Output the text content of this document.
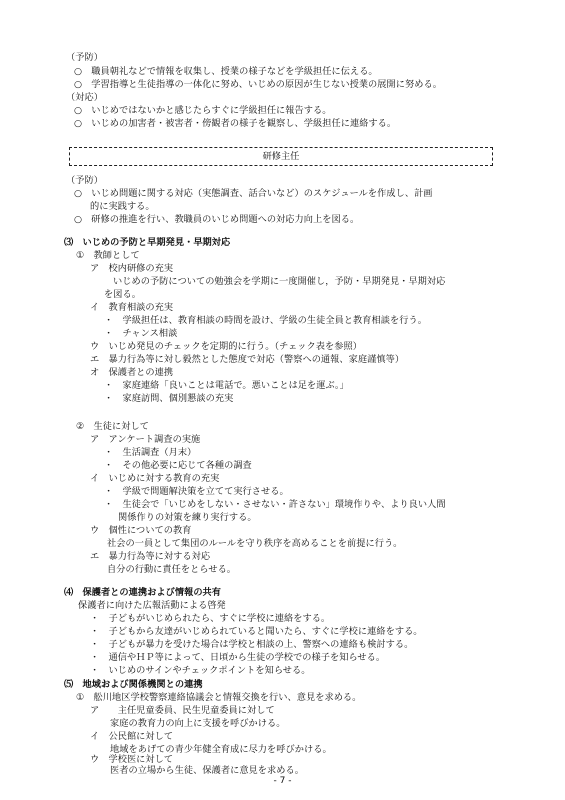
（予防）
○　職員朝礼などで情報を収集し、授業の様子などを学級担任に伝える。
○　学習指導と生徒指導の一体化に努め、いじめの原因が生じない授業の展開に努める。
（対応）
○　いじめではないかと感じたらすぐに学級担任に報告する。
○　いじめの加害者・被害者・傍観者の様子を観察し、学級担任に連絡する。
研修主任
（予防）
○　いじめ問題に関する対応（実態調査、話合いなど）のスケジュールを作成し、計画
的に実践する。
○　研修の推進を行い、教職員のいじめ問題への対応力向上を図る。
⑶　いじめの予防と早期発見・早期対応
①　教師として
ア　校内研修の充実
いじめの予防についての勉強会を学期に一度開催し，予防・早期発見・早期対応
を図る。
イ　教育相談の充実
・　学級担任は、教育相談の時間を設け、学級の生徒全員と教育相談を行う。
・　チャンス相談
ウ　いじめ発見のチェックを定期的に行う。（チェック表を参照）
エ　暴力行為等に対し毅然とした態度で対応（警察への通報、家庭謹慎等）
オ　保護者との連携
・　家庭連絡「良いことは電話で。悪いことは足を運ぶ。」
・　家庭訪問、個別懇談の充実
②　生徒に対して
ア　アンケート調査の実施
・　生活調査（月末）
・　その他必要に応じて各種の調査
イ　いじめに対する教育の充実
・　学級で問題解決策を立てて実行させる。
・　生徒会で「いじめをしない・させない・許さない」環境作りや、より良い人間
関係作りの対策を練り実行する。
ウ　個性についての教育
社会の一員として集団のルールを守り秩序を高めることを前提に行う。
エ　暴力行為等に対する対応
自分の行動に責任をとらせる。
⑷　保護者との連携および情報の共有
保護者に向けた広報活動による啓発
・　子どもがいじめられたら、すぐに学校に連絡をする。
・　子どもから友達がいじめられていると聞いたら、すぐに学校に連絡をする。
・　子どもが暴力を受けた場合は学校と相談の上、警察への連絡も検討する。
・　通信やＨＰ等によって、日頃から生徒の学校での様子を知らせる。
・　いじめのサインやチェックポイントを知らせる。
⑸　地域および関係機関との連携
①　舩川地区学校警察連絡協議会と情報交換を行い、意見を求める。
ア　　主任児童委員、民生児童委員に対して
家庭の教育力の向上に支援を呼びかける。
イ　公民館に対して
地域をあげての青少年健全育成に尽力を呼びかける。
ウ　学校医に対して
医者の立場から生徒、保護者に意見を求める。
- 7 -
